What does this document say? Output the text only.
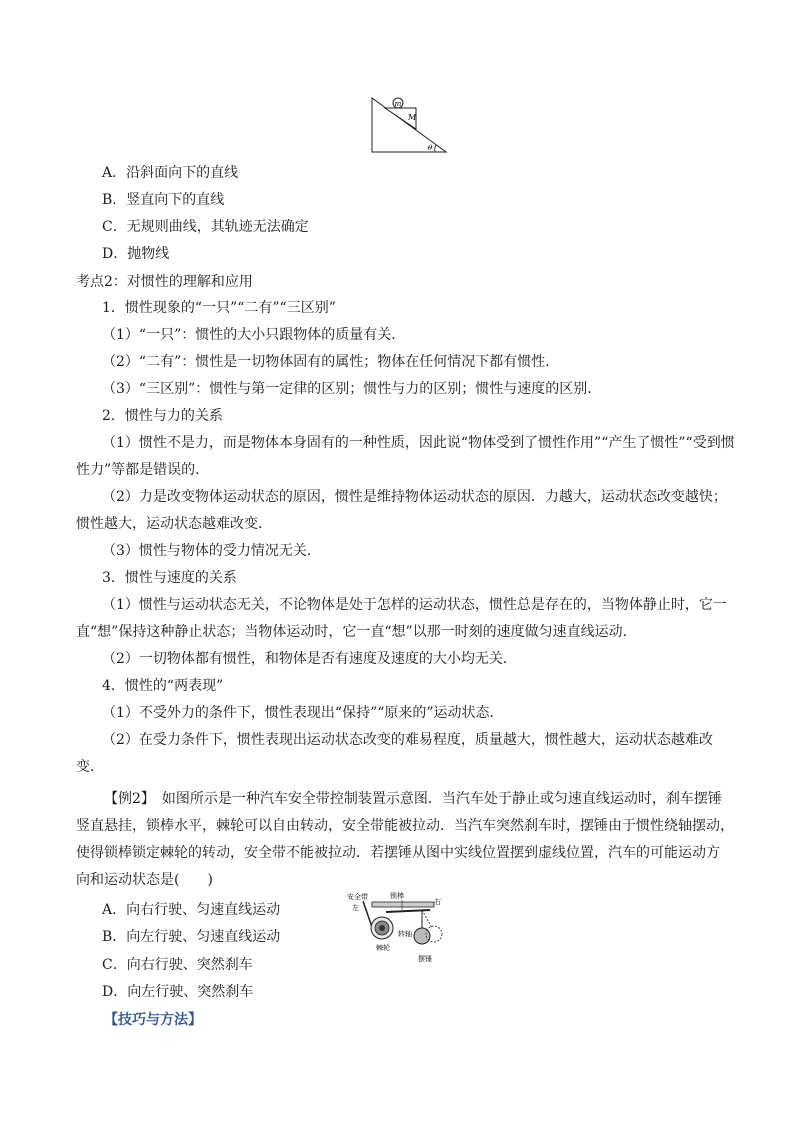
m
M
θ
A．沿斜面向下的直线
B．竖直向下的直线
C．无规则曲线，其轨迹无法确定
D．抛物线
考点2：对惯性的理解和应用
1．惯性现象的“一只”“二有”“三区别”
（1）“一只”：惯性的大小只跟物体的质量有关．
（2）“二有”：惯性是一切物体固有的属性；物体在任何情况下都有惯性．
（3）“三区别”：惯性与第一定律的区别；惯性与力的区别；惯性与速度的区别．
2．惯性与力的关系
（1）惯性不是力，而是物体本身固有的一种性质，因此说“物体受到了惯性作用”“产生了惯性”“受到惯
性力”等都是错误的．
（2）力是改变物体运动状态的原因，惯性是维持物体运动状态的原因．力越大，运动状态改变越快；
惯性越大，运动状态越难改变．
（3）惯性与物体的受力情况无关．
3．惯性与速度的关系
（1）惯性与运动状态无关，不论物体是处于怎样的运动状态，惯性总是存在的，当物体静止时，它一
直“想”保持这种静止状态；当物体运动时，它一直“想”以那一时刻的速度做匀速直线运动．
（2）一切物体都有惯性，和物体是否有速度及速度的大小均无关．
4．惯性的“两表现”
（1）不受外力的条件下，惯性表现出“保持”“原来的”运动状态．
（2）在受力条件下，惯性表现出运动状态改变的难易程度，质量越大，惯性越大，运动状态越难改
变．
【例2】　如图所示是一种汽车安全带控制装置示意图．当汽车处于静止或匀速直线运动时，刹车摆锤
竖直悬挂，锁棒水平，棘轮可以自由转动，安全带能被拉动．当汽车突然刹车时，摆锤由于惯性绕轴摆动，
使得锁棒锁定棘轮的转动，安全带不能被拉动．若摆锤从图中实线位置摆到虚线位置，汽车的可能运动方
向和运动状态是(　　)
A．向右行驶、匀速直线运动
B．向左行驶、匀速直线运动
C．向右行驶、突然刹车
D．向左行驶、突然刹车
安全带
左
锁棒
右
棘轮
转轴
摆锤
【技巧与方法】
